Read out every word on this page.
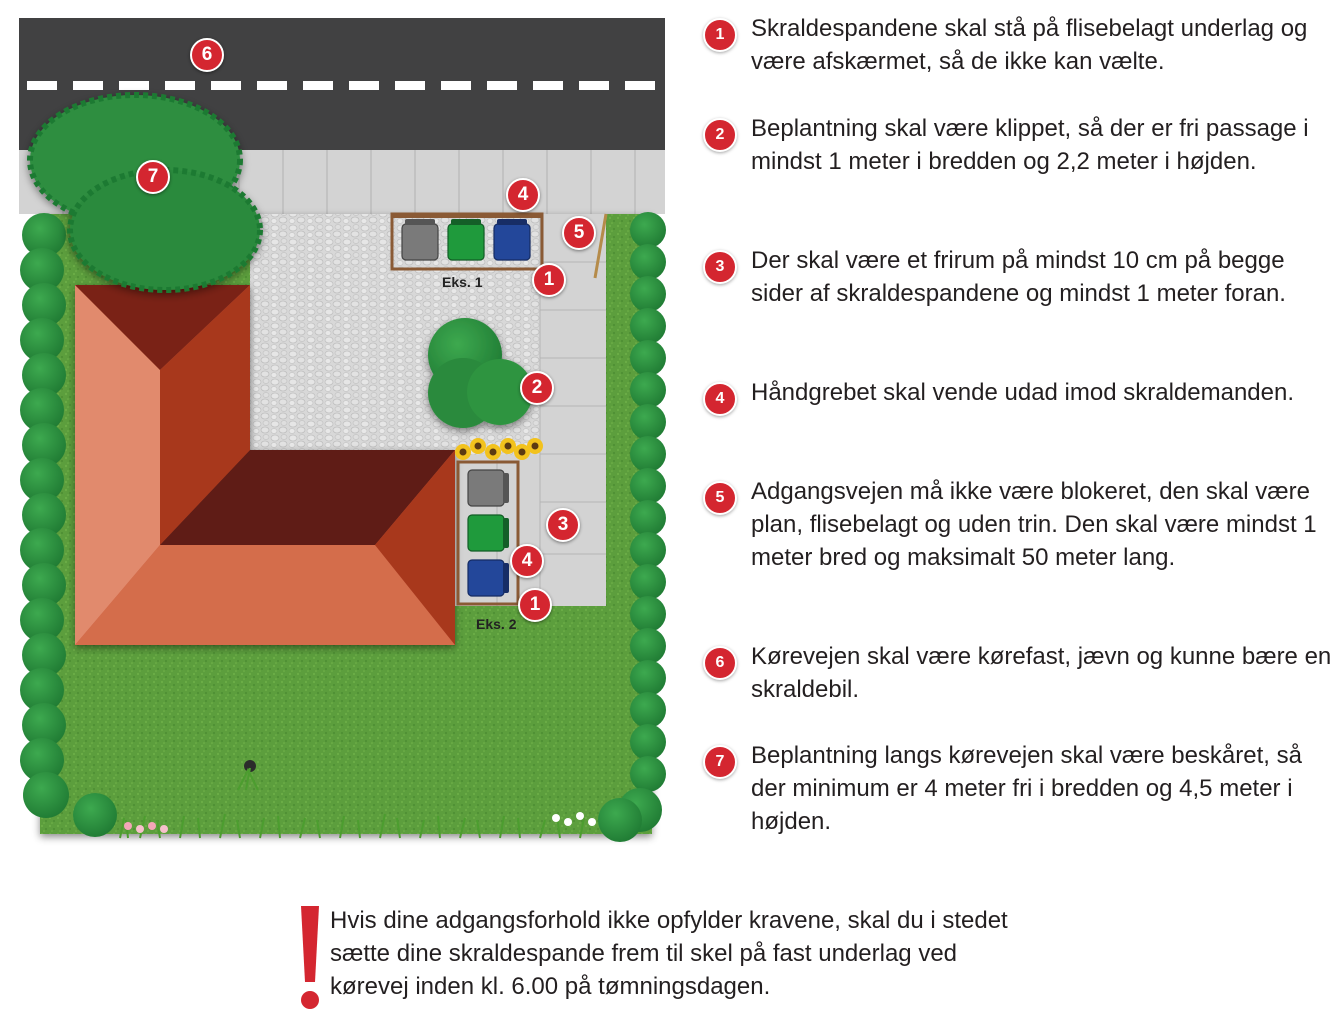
Eks. 1
Eks. 2
6
7
4
5
1
2
3
4
1
1	Skraldespandene skal stå på flisebelagt underlag og være afskærmet, så de ikke kan vælte.
2	Beplantning skal være klippet, så der er fri passage i mindst 1 meter i bredden og 2,2 meter i højden.
3	Der skal være et frirum på mindst 10 cm på begge sider af skraldespandene og mindst 1 meter foran.
4	Håndgrebet skal vende udad imod skraldemanden.
5	Adgangsvejen må ikke være blokeret, den skal være plan, flisebelagt og uden trin. Den skal være mindst 1 meter bred og maksimalt 50 meter lang.
6	Kørevejen skal være kørefast, jævn og kunne bære en skraldebil.
7	Beplantning langs kørevejen skal være beskåret, så der minimum er 4 meter fri i bredden og 4,5 meter i højden.
Hvis dine adgangsforhold ikke opfylder kravene, skal du i stedet sætte dine skraldespande frem til skel på fast underlag ved kørevej inden kl. 6.00 på tømningsdagen.
